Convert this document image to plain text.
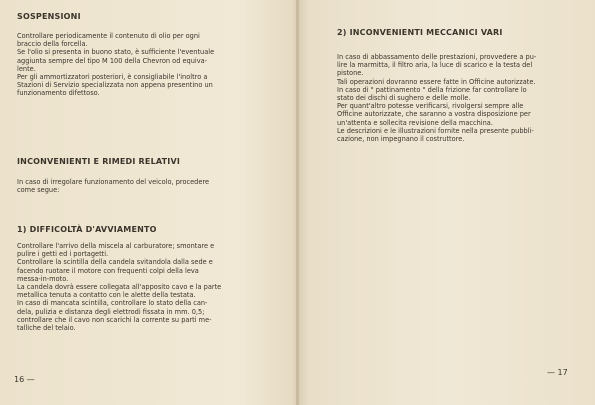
SOSPENSIONI

Controllare periodicamente il contenuto di olio per ogni
braccio della forcella.
Se l'olio si presenta in buono stato, è sufficiente l'eventuale
aggiunta sempre del tipo M 100 della Chevron od equiva-
lente.
Per gli ammortizzatori posteriori, è consigliabile l'inoltro a
Stazioni di Servizio specializzata non appena presentino un
funzionamento difettoso.

INCONVENIENTI E RIMEDI RELATIVI

In caso di irregolare funzionamento del veicolo, procedere
come segue:

1) DIFFICOLTÀ D'AVVIAMENTO

Controllare l'arrivo della miscela al carburatore; smontare e
pulire i getti ed i portagetti.
Controllare la scintilla della candela svitandola dalla sede e
facendo ruotare il motore con frequenti colpi della leva
messa-in-moto.
La candela dovrà essere collegata all'apposito cavo e la parte
metallica tenuta a contatto con le alette della testata.
In caso di mancata scintilla, controllare lo stato della can-
dela, pulizia e distanza degli elettrodi fissata in mm. 0,5;
controllare che il cavo non scarichi la corrente su parti me-
talliche del telaio.

16 —
2) INCONVENIENTI MECCANICI VARI

In caso di abbassamento delle prestazioni, provvedere a pu-
lire la marmitta, il filtro aria, la luce di scarico e la testa del
pistone.
Tali operazioni dovranno essere fatte in Officine autorizzate.
In caso di " pattinamento " della frizione far controllare lo
stato dei dischi di sughero e delle molle.
Per quant'altro potesse verificarsi, rivolgersi sempre alle
Officine autorizzate, che saranno a vostra disposizione per
un'attenta e sollecita revisione della macchina.
Le descrizioni e le illustrazioni fornite nella presente pubbli-
cazione, non impegnano il costruttore.

— 17
